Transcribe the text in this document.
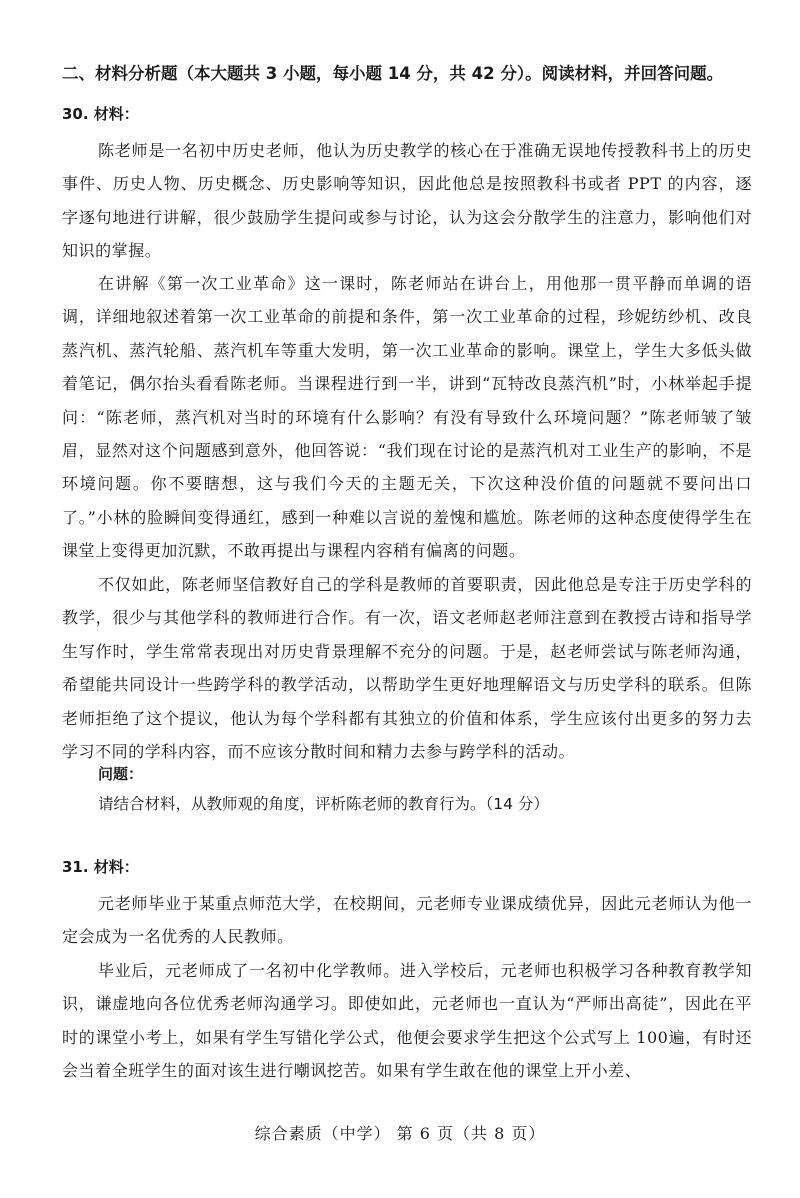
二、材料分析题（本大题共 3 小题，每小题 14 分，共 42 分）。阅读材料，并回答问题。
30. 材料：

陈老师是一名初中历史老师，他认为历史教学的核心在于准确无误地传授教科书上的历史事件、历史人物、历史概念、历史影响等知识，因此他总是按照教科书或者 PPT 的内容，逐字逐句地进行讲解，很少鼓励学生提问或参与讨论，认为这会分散学生的注意力，影响他们对知识的掌握。

在讲解《第一次工业革命》这一课时，陈老师站在讲台上，用他那一贯平静而单调的语调，详细地叙述着第一次工业革命的前提和条件，第一次工业革命的过程，珍妮纺纱机、改良蒸汽机、蒸汽轮船、蒸汽机车等重大发明，第一次工业革命的影响。课堂上，学生大多低头做着笔记，偶尔抬头看看陈老师。当课程进行到一半，讲到“瓦特改良蒸汽机”时，小林举起手提问：“陈老师，蒸汽机对当时的环境有什么影响？有没有导致什么环境问题？”陈老师皱了皱眉，显然对这个问题感到意外，他回答说：“我们现在讨论的是蒸汽机对工业生产的影响，不是环境问题。你不要瞎想，这与我们今天的主题无关，下次这种没价值的问题就不要问出口了。”小林的脸瞬间变得通红，感到一种难以言说的羞愧和尴尬。陈老师的这种态度使得学生在课堂上变得更加沉默，不敢再提出与课程内容稍有偏离的问题。

不仅如此，陈老师坚信教好自己的学科是教师的首要职责，因此他总是专注于历史学科的教学，很少与其他学科的教师进行合作。有一次，语文老师赵老师注意到在教授古诗和指导学生写作时，学生常常表现出对历史背景理解不充分的问题。于是，赵老师尝试与陈老师沟通，希望能共同设计一些跨学科的教学活动，以帮助学生更好地理解语文与历史学科的联系。但陈老师拒绝了这个提议，他认为每个学科都有其独立的价值和体系，学生应该付出更多的努力去学习不同的学科内容，而不应该分散时间和精力去参与跨学科的活动。

问题：
请结合材料，从教师观的角度，评析陈老师的教育行为。（14 分）
31. 材料：

元老师毕业于某重点师范大学，在校期间，元老师专业课成绩优异，因此元老师认为他一定会成为一名优秀的人民教师。

毕业后，元老师成了一名初中化学教师。进入学校后，元老师也积极学习各种教育教学知识，谦虚地向各位优秀老师沟通学习。即使如此，元老师也一直认为“严师出高徒”，因此在平时的课堂小考上，如果有学生写错化学公式，他便会要求学生把这个公式写上 100遍，有时还会当着全班学生的面对该生进行嘲讽挖苦。如果有学生敢在他的课堂上开小差、

综合素质（中学） 第 6 页（共 8 页）
